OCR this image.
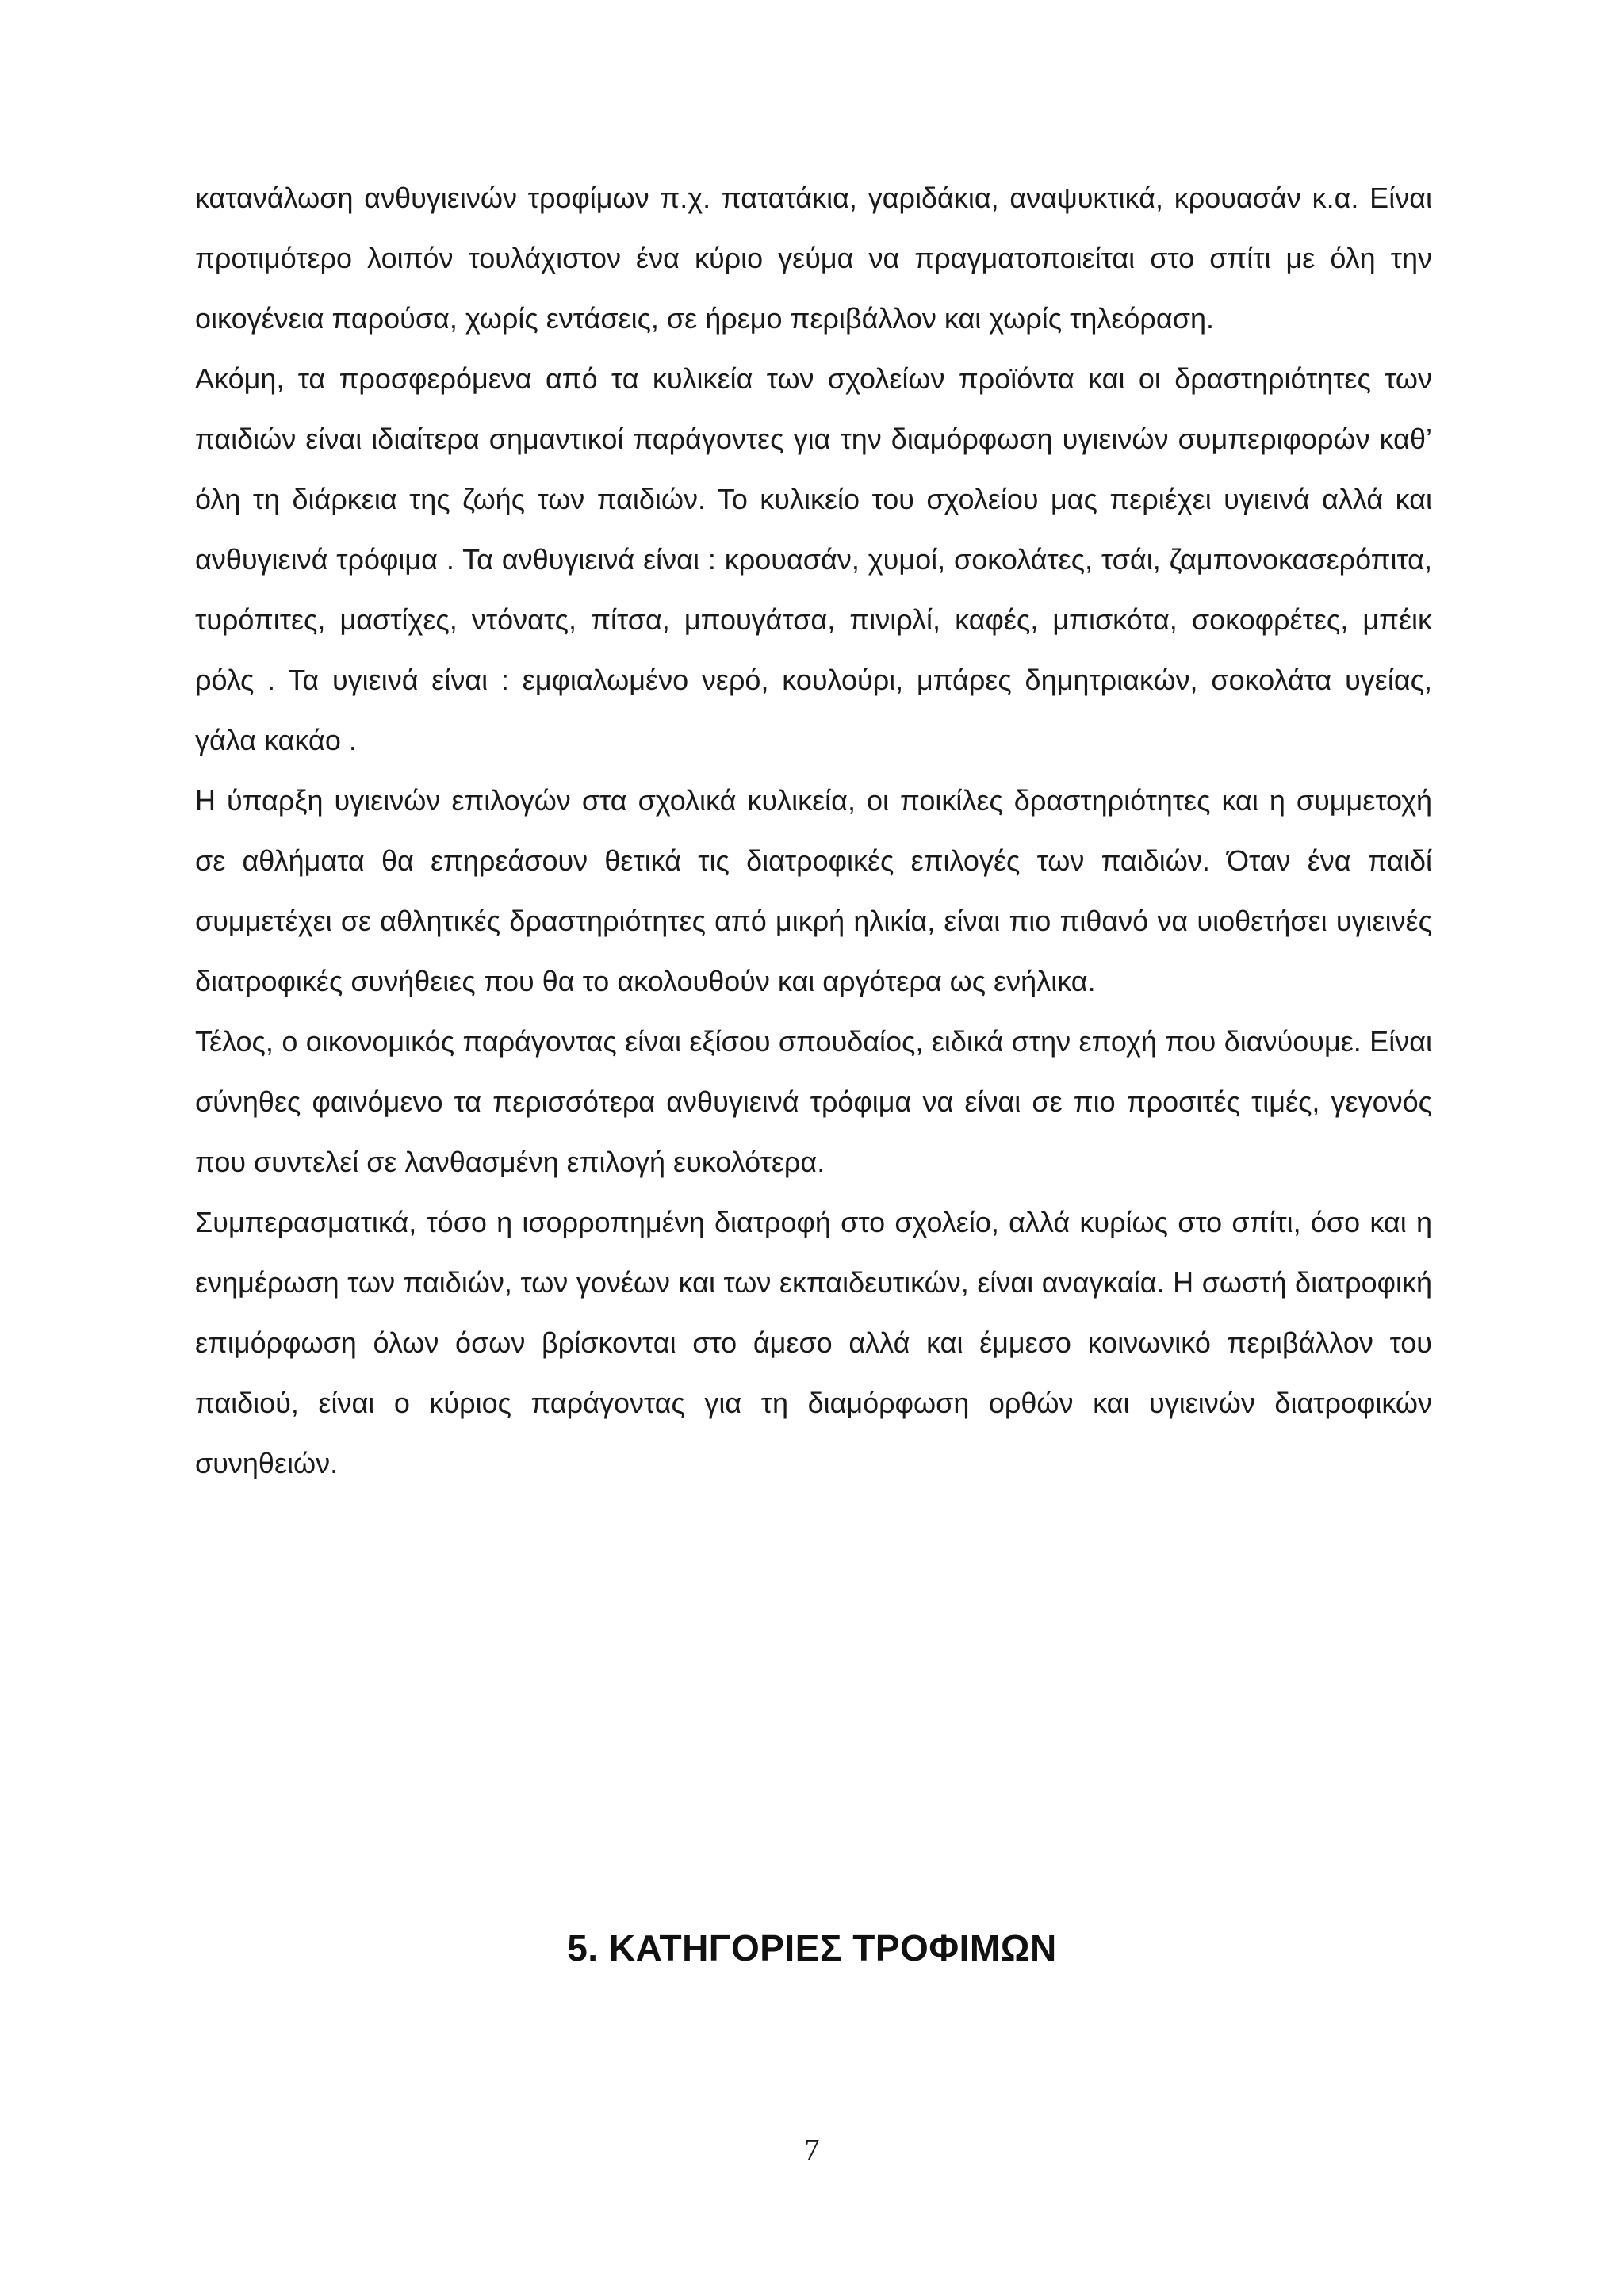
κατανάλωση ανθυγιεινών τροφίμων π.χ. πατατάκια, γαριδάκια, αναψυκτικά, κρουασάν κ.α. Είναι προτιμότερο λοιπόν τουλάχιστον ένα κύριο γεύμα να πραγματοποιείται στο σπίτι με όλη την οικογένεια παρούσα, χωρίς εντάσεις, σε ήρεμο περιβάλλον και χωρίς τηλεόραση.

Ακόμη, τα προσφερόμενα από τα κυλικεία των σχολείων προϊόντα και οι δραστηριότητες των παιδιών είναι ιδιαίτερα σημαντικοί παράγοντες για την διαμόρφωση υγιεινών συμπεριφορών καθ’ όλη τη διάρκεια της ζωής των παιδιών. Το κυλικείο του σχολείου μας περιέχει υγιεινά αλλά και ανθυγιεινά τρόφιμα . Τα ανθυγιεινά είναι : κρουασάν, χυμοί, σοκολάτες, τσάι, ζαμπονοκασερόπιτα, τυρόπιτες, μαστίχες, ντόνατς, πίτσα, μπουγάτσα, πινιρλί, καφές, μπισκότα, σοκοφρέτες, μπέικ ρόλς . Τα υγιεινά είναι : εμφιαλωμένο νερό, κουλούρι, μπάρες δημητριακών, σοκολάτα υγείας, γάλα κακάο .

Η ύπαρξη υγιεινών επιλογών στα σχολικά κυλικεία, οι ποικίλες δραστηριότητες και η συμμετοχή σε αθλήματα θα επηρεάσουν θετικά τις διατροφικές επιλογές των παιδιών. Όταν ένα παιδί συμμετέχει σε αθλητικές δραστηριότητες από μικρή ηλικία, είναι πιο πιθανό να υιοθετήσει υγιεινές διατροφικές συνήθειες που θα το ακολουθούν και αργότερα ως ενήλικα.

Τέλος, ο οικονομικός παράγοντας είναι εξίσου σπουδαίος, ειδικά στην εποχή που διανύουμε. Είναι σύνηθες φαινόμενο τα περισσότερα ανθυγιεινά τρόφιμα να είναι σε πιο προσιτές τιμές, γεγονός που συντελεί σε λανθασμένη επιλογή ευκολότερα.

Συμπερασματικά, τόσο η ισορροπημένη διατροφή στο σχολείο, αλλά κυρίως στο σπίτι, όσο και η ενημέρωση των παιδιών, των γονέων και των εκπαιδευτικών, είναι αναγκαία. Η σωστή διατροφική επιμόρφωση όλων όσων βρίσκονται στο άμεσο αλλά και έμμεσο κοινωνικό περιβάλλον του παιδιού, είναι ο κύριος παράγοντας για τη διαμόρφωση ορθών και υγιεινών διατροφικών συνηθειών.

5. ΚΑΤΗΓΟΡΙΕΣ ΤΡΟΦΙΜΩΝ
7
